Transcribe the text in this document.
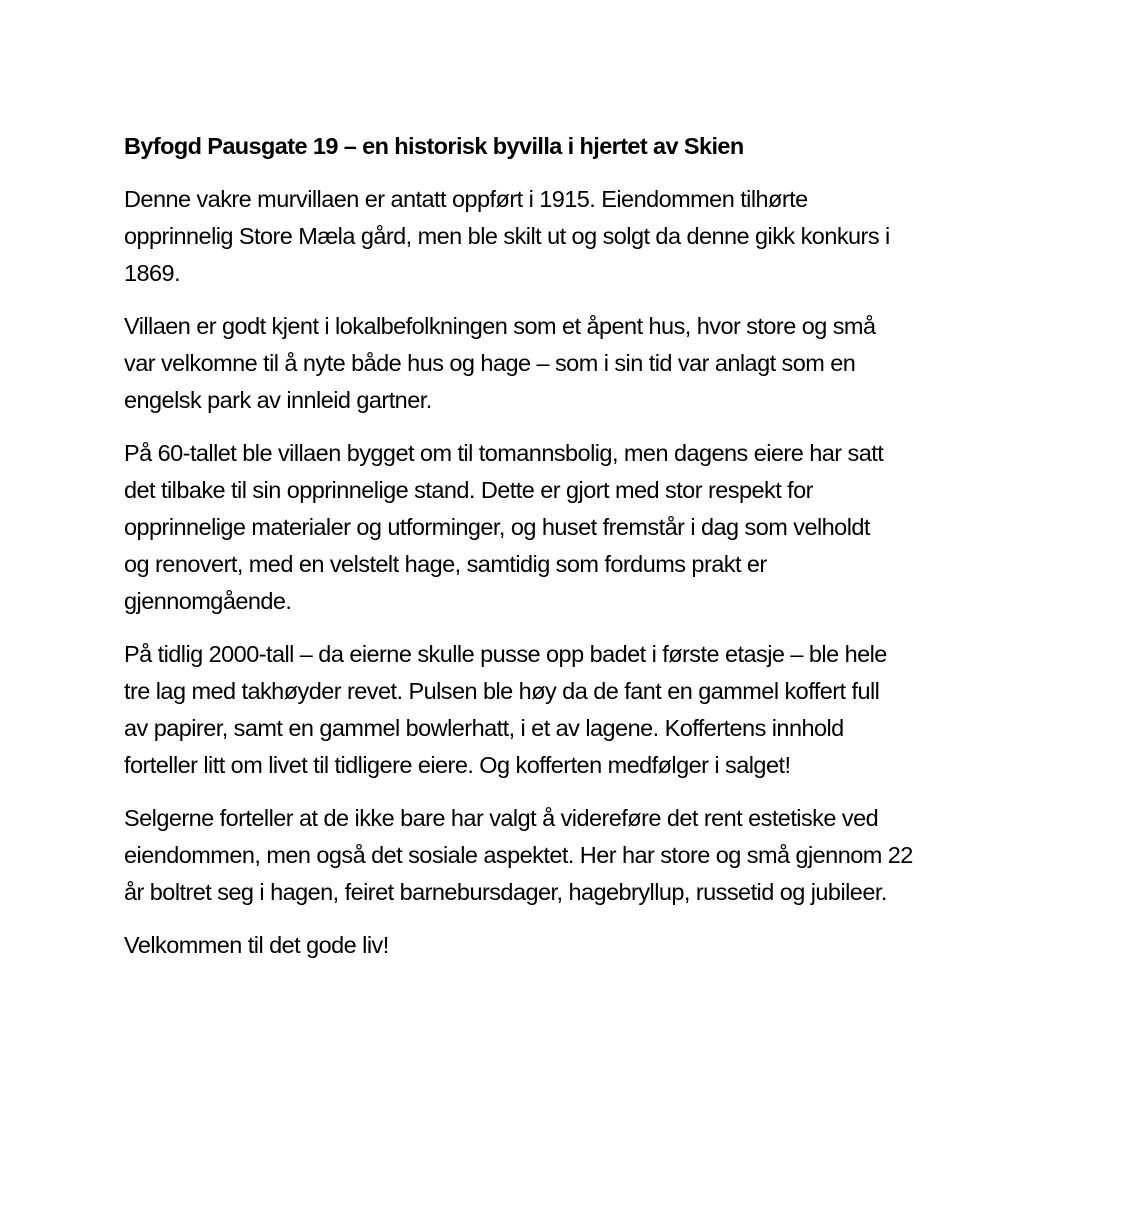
Byfogd Pausgate 19 – en historisk byvilla i hjertet av Skien

Denne vakre murvillaen er antatt oppført i 1915. Eiendommen tilhørte
opprinnelig Store Mæla gård, men ble skilt ut og solgt da denne gikk konkurs i
1869.

Villaen er godt kjent i lokalbefolkningen som et åpent hus, hvor store og små
var velkomne til å nyte både hus og hage – som i sin tid var anlagt som en
engelsk park av innleid gartner.

På 60-tallet ble villaen bygget om til tomannsbolig, men dagens eiere har satt
det tilbake til sin opprinnelige stand. Dette er gjort med stor respekt for
opprinnelige materialer og utforminger, og huset fremstår i dag som velholdt
og renovert, med en velstelt hage, samtidig som fordums prakt er
gjennomgående.

På tidlig 2000-tall – da eierne skulle pusse opp badet i første etasje – ble hele
tre lag med takhøyder revet. Pulsen ble høy da de fant en gammel koffert full
av papirer, samt en gammel bowlerhatt, i et av lagene. Koffertens innhold
forteller litt om livet til tidligere eiere. Og kofferten medfølger i salget!

Selgerne forteller at de ikke bare har valgt å videreføre det rent estetiske ved
eiendommen, men også det sosiale aspektet. Her har store og små gjennom 22
år boltret seg i hagen, feiret barnebursdager, hagebryllup, russetid og jubileer.

Velkommen til det gode liv!
